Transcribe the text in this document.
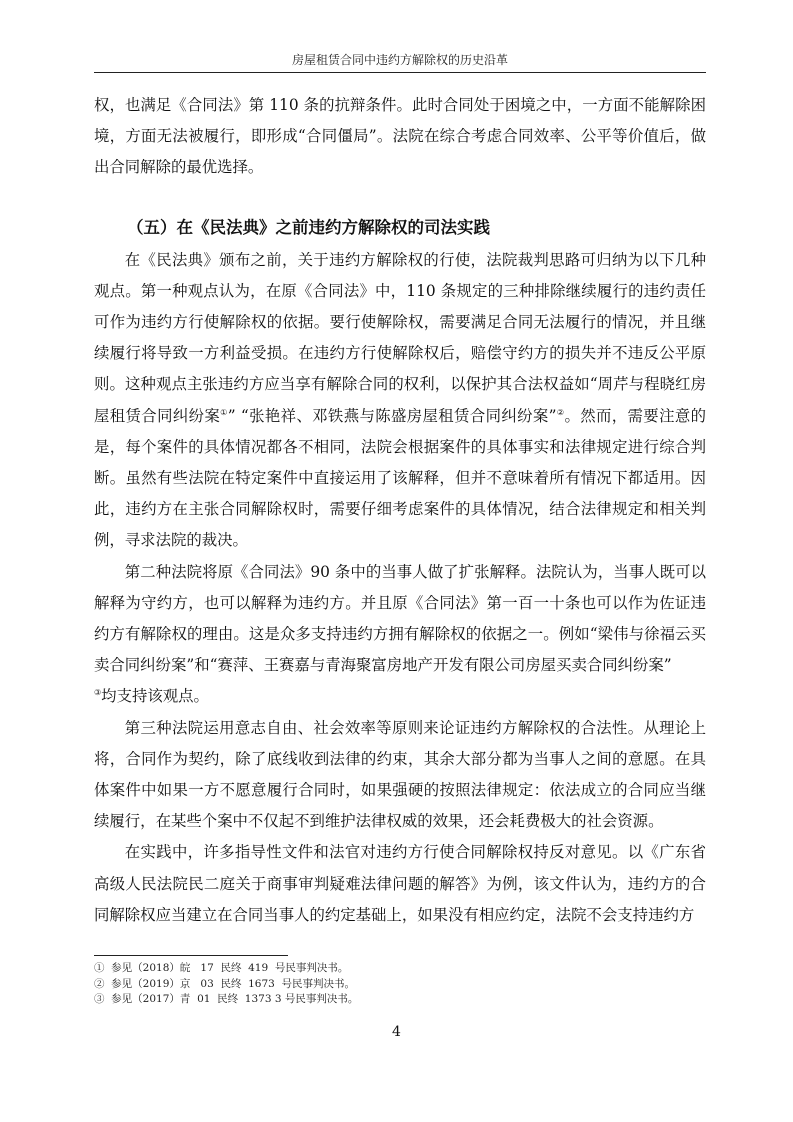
房屋租赁合同中违约方解除权的历史沿革

权，也满足《合同法》第 110 条的抗辩条件。此时合同处于困境之中，一方面不能解除困境，方面无法被履行，即形成“合同僵局”。法院在综合考虑合同效率、公平等价值后，做出合同解除的最优选择。

（五）在《民法典》之前违约方解除权的司法实践

在《民法典》颁布之前，关于违约方解除权的行使，法院裁判思路可归纳为以下几种观点。第一种观点认为，在原《合同法》中，110 条规定的三种排除继续履行的违约责任可作为违约方行使解除权的依据。要行使解除权，需要满足合同无法履行的情况，并且继续履行将导致一方利益受损。在违约方行使解除权后，赔偿守约方的损失并不违反公平原则。这种观点主张违约方应当享有解除合同的权利，以保护其合法权益如“周芹与程晓红房屋租赁合同纠纷案①” “张艳祥、邓铁燕与陈盛房屋租赁合同纠纷案”②。然而，需要注意的是，每个案件的具体情况都各不相同，法院会根据案件的具体事实和法律规定进行综合判断。虽然有些法院在特定案件中直接运用了该解释，但并不意味着所有情况下都适用。因此，违约方在主张合同解除权时，需要仔细考虑案件的具体情况，结合法律规定和相关判例，寻求法院的裁决。

第二种法院将原《合同法》90 条中的当事人做了扩张解释。法院认为，当事人既可以解释为守约方，也可以解释为违约方。并且原《合同法》第一百一十条也可以作为佐证违约方有解除权的理由。这是众多支持违约方拥有解除权的依据之一。例如“梁伟与徐福云买卖合同纠纷案”和“赛萍、王赛嘉与青海聚富房地产开发有限公司房屋买卖合同纠纷案”
③均支持该观点。

第三种法院运用意志自由、社会效率等原则来论证违约方解除权的合法性。从理论上将，合同作为契约，除了底线收到法律的约束，其余大部分都为当事人之间的意愿。在具体案件中如果一方不愿意履行合同时，如果强硬的按照法律规定：依法成立的合同应当继续履行，在某些个案中不仅起不到维护法律权威的效果，还会耗费极大的社会资源。

在实践中，许多指导性文件和法官对违约方行使合同解除权持反对意见。以《广东省高级人民法院民二庭关于商事审判疑难法律问题的解答》为例，该文件认为，违约方的合同解除权应当建立在合同当事人的约定基础上，如果没有相应约定，法院不会支持违约方

①  参见（2018）皖   17  民终  419  号民事判决书。
②  参见（2019）京   03  民终  1673  号民事判决书。
③  参见（2017）青  01  民终  1373 3 号民事判决书。
4
